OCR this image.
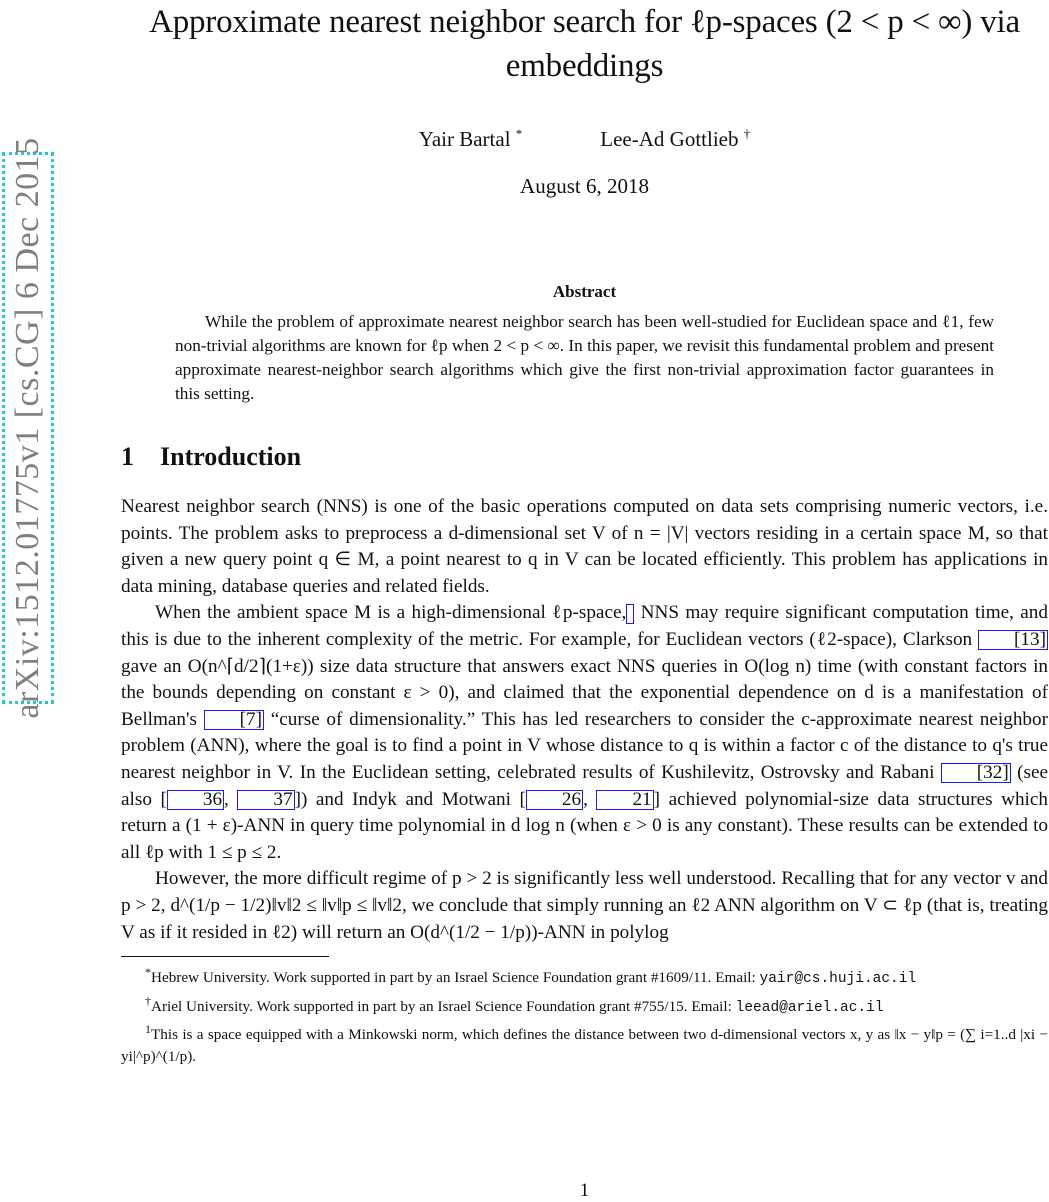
arXiv:1512.01775v1 [cs.CG] 6 Dec 2015
Approximate nearest neighbor search for ℓp-spaces (2 < p < ∞) via
embeddings
Yair Bartal *	Lee-Ad Gottlieb †
August 6, 2018
Abstract
While the problem of approximate nearest neighbor search has been well-studied for Euclidean space and ℓ1, few non-trivial algorithms are known for ℓp when 2 < p < ∞. In this paper, we revisit this fundamental problem and present approximate nearest-neighbor search algorithms which give the first non-trivial approximation factor guarantees in this setting.
1 Introduction

Nearest neighbor search (NNS) is one of the basic operations computed on data sets comprising numeric vectors, i.e. points. The problem asks to preprocess a d-dimensional set V of n = |V| vectors residing in a certain space M, so that given a new query point q ∈ M, a point nearest to q in V can be located efficiently. This problem has applications in data mining, database queries and related fields.

When the ambient space M is a high-dimensional ℓp-space, NNS may require significant computation time, and this is due to the inherent complexity of the metric. For example, for Euclidean vectors (ℓ2-space), Clarkson [13] gave an O(n^⌈d/2⌉(1+ε)) size data structure that answers exact NNS queries in O(log n) time (with constant factors in the bounds depending on constant ε > 0), and claimed that the exponential dependence on d is a manifestation of Bellman's [7] “curse of dimensionality.” This has led researchers to consider the c-approximate nearest neighbor problem (ANN), where the goal is to find a point in V whose distance to q is within a factor c of the distance to q's true nearest neighbor in V. In the Euclidean setting, celebrated results of Kushilevitz, Ostrovsky and Rabani [32] (see also [ 36 , 37 ]) and Indyk and Motwani [ 26 , 21 ] achieved polynomial-size data structures which return a (1 + ε)-ANN in query time polynomial in d log n (when ε > 0 is any constant). These results can be extended to all ℓp with 1 ≤ p ≤ 2.

However, the more difficult regime of p > 2 is significantly less well understood. Recalling that for any vector v and p > 2, d^(1/p − 1/2)‖v‖2 ≤ ‖v‖p ≤ ‖v‖2, we conclude that simply running an ℓ2 ANN algorithm on V ⊂ ℓp (that is, treating V as if it resided in ℓ2) will return an O(d^(1/2 − 1/p))-ANN in polylog

*Hebrew University. Work supported in part by an Israel Science Foundation grant #1609/11. Email: yair@cs.huji.ac.il

†Ariel University. Work supported in part by an Israel Science Foundation grant #755/15. Email: leead@ariel.ac.il

$^1$This is a space equipped with a Minkowski norm, which defines the distance between two d-dimensional vectors x, y as ‖x − y‖p = (∑ i=1..d |xi − yi|^p)^(1/p).

1
